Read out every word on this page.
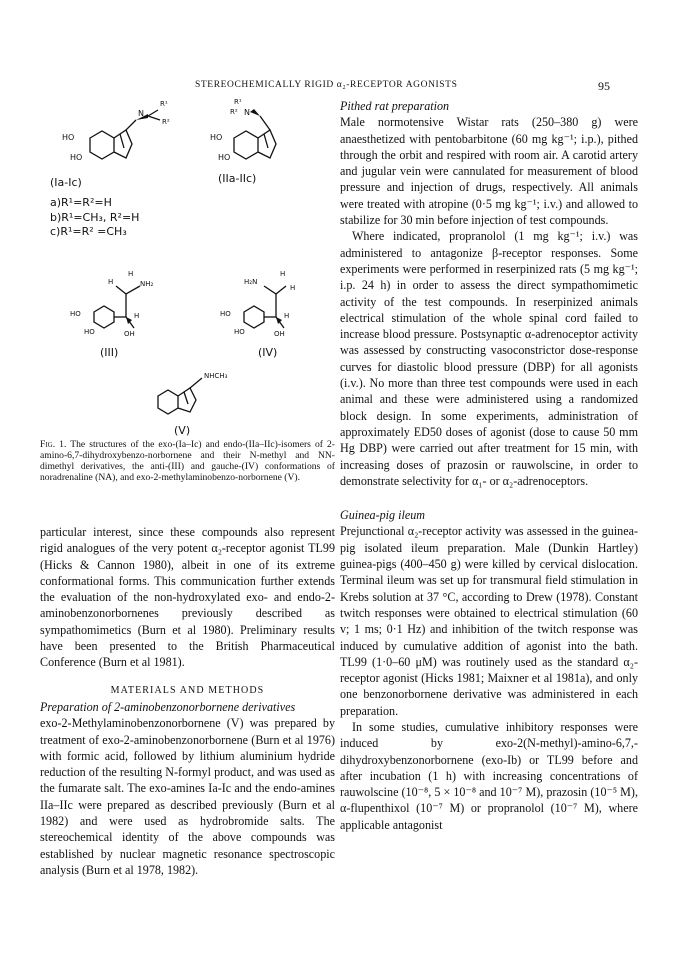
STEREOCHEMICALLY RIGID α₂-RECEPTOR AGONISTS	95
HO
HO
N
R¹
R²
HO
HO
R¹
R² N
(Ia-Ic)	(IIa-IIc)
a)R¹=R²=H
b)R¹=CH₃, R²=H
c)R¹=R² =CH₃
H
H	NH₂
HO	H
HO	OH
H₂N
H
H
HO	H
HO	OH
(III)	(IV)
NHCH₃
(V)
Fig. 1. The structures of the exo-(Ia–Ic) and endo-(IIa–IIc)-isomers of 2-amino-6,7-dihydroxybenzo-norbornene and their N-methyl and NN-dimethyl derivatives, the anti-(III) and gauche-(IV) conformations of noradrenaline (NA), and exo-2-methylaminobenzo-norbornene (V).

particular interest, since these compounds also represent rigid analogues of the very potent α₂-receptor agonist TL99 (Hicks & Cannon 1980), albeit in one of its extreme conformational forms. This communication further extends the evaluation of the non-hydroxylated exo- and endo-2-aminobenzonorbornenes previously described as sympathomimetics (Burn et al 1980). Preliminary results have been presented to the British Pharmaceutical Conference (Burn et al 1981).

MATERIALS AND METHODS

Preparation of 2-aminobenzonorbornene derivatives

exo-2-Methylaminobenzonorbornene (V) was prepared by treatment of exo-2-aminobenzonorbornene (Burn et al 1976) with formic acid, followed by lithium aluminium hydride reduction of the resulting N-formyl product, and was used as the fumarate salt. The exo-amines Ia-Ic and the endo-amines IIa–IIc were prepared as described previously (Burn et al 1982) and were used as hydrobromide salts. The stereochemical identity of the above compounds was established by nuclear magnetic resonance spectroscopic analysis (Burn et al 1978, 1982).

Pithed rat preparation

Male normotensive Wistar rats (250–380 g) were anaesthetized with pentobarbitone (60 mg kg⁻¹; i.p.), pithed through the orbit and respired with room air. A carotid artery and jugular vein were cannulated for measurement of blood pressure and injection of drugs, respectively. All animals were treated with atropine (0·5 mg kg⁻¹; i.v.) and allowed to stabilize for 30 min before injection of test compounds.

Where indicated, propranolol (1 mg kg⁻¹; i.v.) was administered to antagonize β-receptor responses. Some experiments were performed in reserpinized rats (5 mg kg⁻¹; i.p. 24 h) in order to assess the direct sympathomimetic activity of the test compounds. In reserpinized animals electrical stimulation of the whole spinal cord failed to increase blood pressure. Postsynaptic α-adrenoceptor activity was assessed by constructing vasoconstrictor dose-response curves for diastolic blood pressure (DBP) for all agonists (i.v.). No more than three test compounds were used in each animal and these were administered using a randomized block design. In some experiments, administration of approximately ED50 doses of agonist (dose to cause 50 mm Hg DBP) were carried out after treatment for 15 min, with increasing doses of prazosin or rauwolscine, in order to demonstrate selectivity for α₁- or α₂-adrenoceptors.

Guinea-pig ileum

Prejunctional α₂-receptor activity was assessed in the guinea-pig isolated ileum preparation. Male (Dunkin Hartley) guinea-pigs (400–450 g) were killed by cervical dislocation. Terminal ileum was set up for transmural field stimulation in Krebs solution at 37 °C, according to Drew (1978). Constant twitch responses were obtained to electrical stimulation (60 v; 1 ms; 0·1 Hz) and inhibition of the twitch response was induced by cumulative addition of agonist into the bath. TL99 (1·0–60 μM) was routinely used as the standard α₂-receptor agonist (Hicks 1981; Maixner et al 1981a), and only one benzonorbornene derivative was administered in each preparation.

In some studies, cumulative inhibitory responses were induced by exo-2(N-methyl)-amino-6,7,-dihydroxybenzonorbornene (exo-Ib) or TL99 before and after incubation (1 h) with increasing concentrations of rauwolscine (10⁻⁸, 5 × 10⁻⁸ and 10⁻⁷ M), prazosin (10⁻⁵ M), α-flupenthixol (10⁻⁷ M) or propranolol (10⁻⁷ M), where applicable antagonist
